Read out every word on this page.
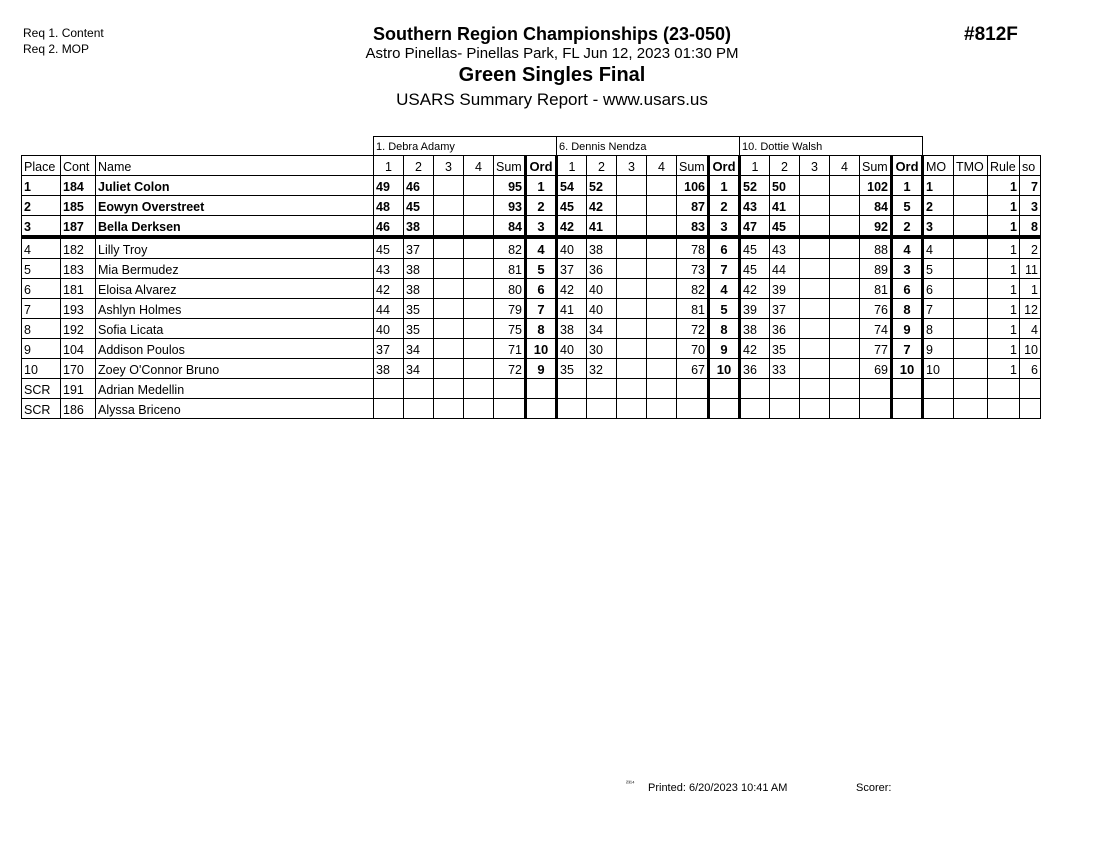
Req 1. Content
Req 2. MOP
Southern Region Championships (23-050)
Astro Pinellas- Pinellas Park, FL Jun 12, 2023 01:30 PM
Green Singles Final
USARS Summary Report - www.usars.us
#812F
			1. Debra Adamy						6. Dennis Nendza						10. Dottie Walsh									
Place	Cont	Name	1	2	3	4	Sum	Ord	1	2	3	4	Sum	Ord	1	2	3	4	Sum	Ord	MO	TMO	Rule	so
1	184	Juliet Colon	49	46			95	1	54	52			106	1	52	50			102	1	1		1	7
2	185	Eowyn Overstreet	48	45			93	2	45	42			87	2	43	41			84	5	2		1	3
3	187	Bella Derksen	46	38			84	3	42	41			83	3	47	45			92	2	3		1	8
4	182	Lilly Troy	45	37			82	4	40	38			78	6	45	43			88	4	4		1	2
5	183	Mia Bermudez	43	38			81	5	37	36			73	7	45	44			89	3	5		1	11
6	181	Eloisa Alvarez	42	38			80	6	42	40			82	4	42	39			81	6	6		1	1
7	193	Ashlyn Holmes	44	35			79	7	41	40			81	5	39	37			76	8	7		1	12
8	192	Sofia Licata	40	35			75	8	38	34			72	8	38	36			74	9	8		1	4
9	104	Addison Poulos	37	34			71	10	40	30			70	9	42	35			77	7	9		1	10
10	170	Zoey O'Connor Bruno	38	34			72	9	35	32			67	10	36	33			69	10	10		1	6
SCR	191	Adrian Medellin																						
SCR	186	Alyssa Briceno																						
²³¹⁴ Printed: 6/20/2023 10:41 AM	Scorer:
